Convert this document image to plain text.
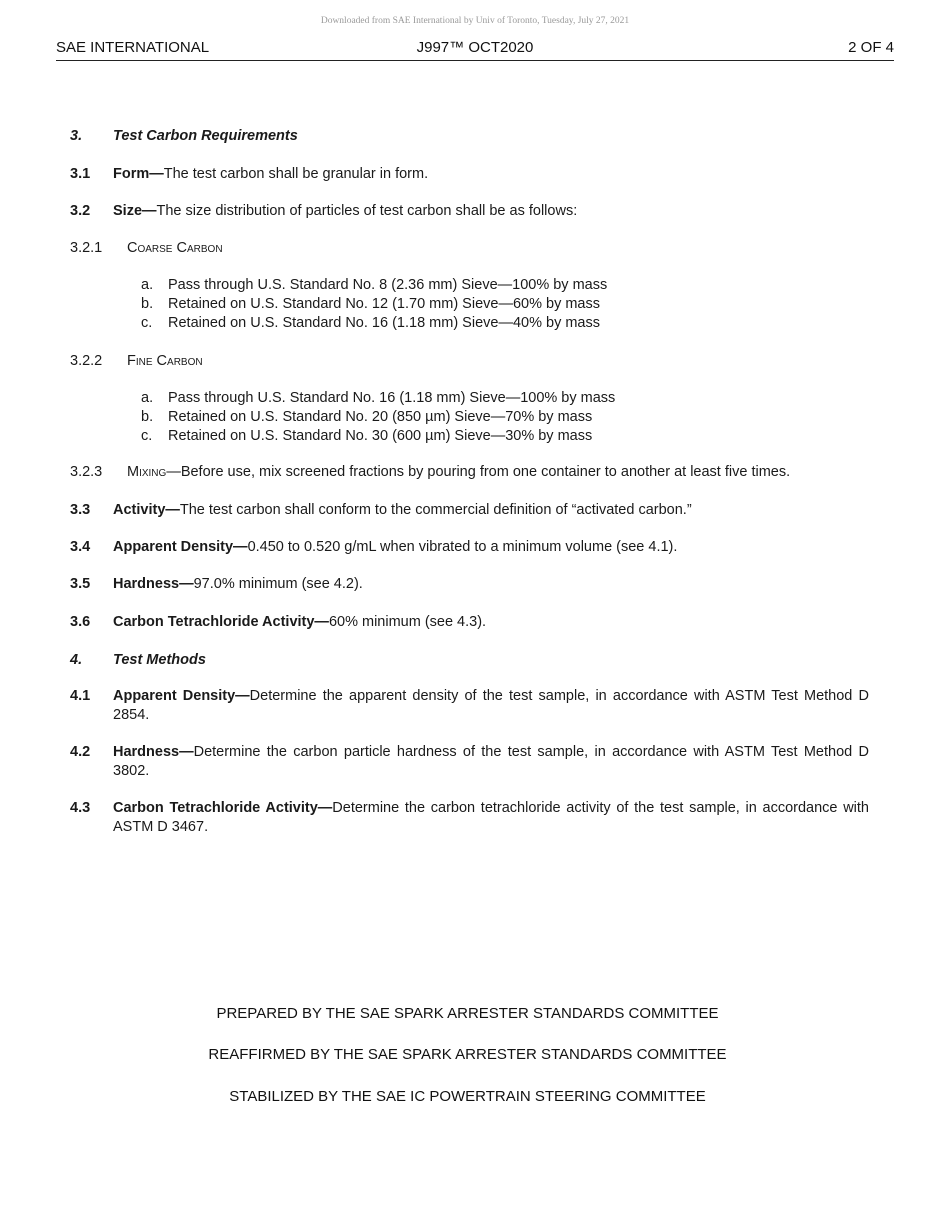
Downloaded from SAE International by Univ of Toronto, Tuesday, July 27, 2021
SAE INTERNATIONAL	J997™ OCT2020	2 OF 4
3. Test Carbon Requirements
3.1 Form—The test carbon shall be granular in form.
3.2 Size—The size distribution of particles of test carbon shall be as follows:
3.2.1 Coarse Carbon
a. Pass through U.S. Standard No. 8 (2.36 mm) Sieve—100% by mass
b. Retained on U.S. Standard No. 12 (1.70 mm) Sieve—60% by mass
c. Retained on U.S. Standard No. 16 (1.18 mm) Sieve—40% by mass
3.2.2 Fine Carbon
a. Pass through U.S. Standard No. 16 (1.18 mm) Sieve—100% by mass
b. Retained on U.S. Standard No. 20 (850 µm) Sieve—70% by mass
c. Retained on U.S. Standard No. 30 (600 µm) Sieve—30% by mass
3.2.3 Mixing—Before use, mix screened fractions by pouring from one container to another at least five times.
3.3 Activity—The test carbon shall conform to the commercial definition of “activated carbon.”
3.4 Apparent Density—0.450 to 0.520 g/mL when vibrated to a minimum volume (see 4.1).
3.5 Hardness—97.0% minimum (see 4.2).
3.6 Carbon Tetrachloride Activity—60% minimum (see 4.3).
4. Test Methods
4.1 Apparent Density—Determine the apparent density of the test sample, in accordance with ASTM Test Method D 2854.
4.2 Hardness—Determine the carbon particle hardness of the test sample, in accordance with ASTM Test Method D 3802.
4.3 Carbon Tetrachloride Activity—Determine the carbon tetrachloride activity of the test sample, in accordance with ASTM D 3467.
PREPARED BY THE SAE SPARK ARRESTER STANDARDS COMMITTEE
REAFFIRMED BY THE SAE SPARK ARRESTER STANDARDS COMMITTEE
STABILIZED BY THE SAE IC POWERTRAIN STEERING COMMITTEE
